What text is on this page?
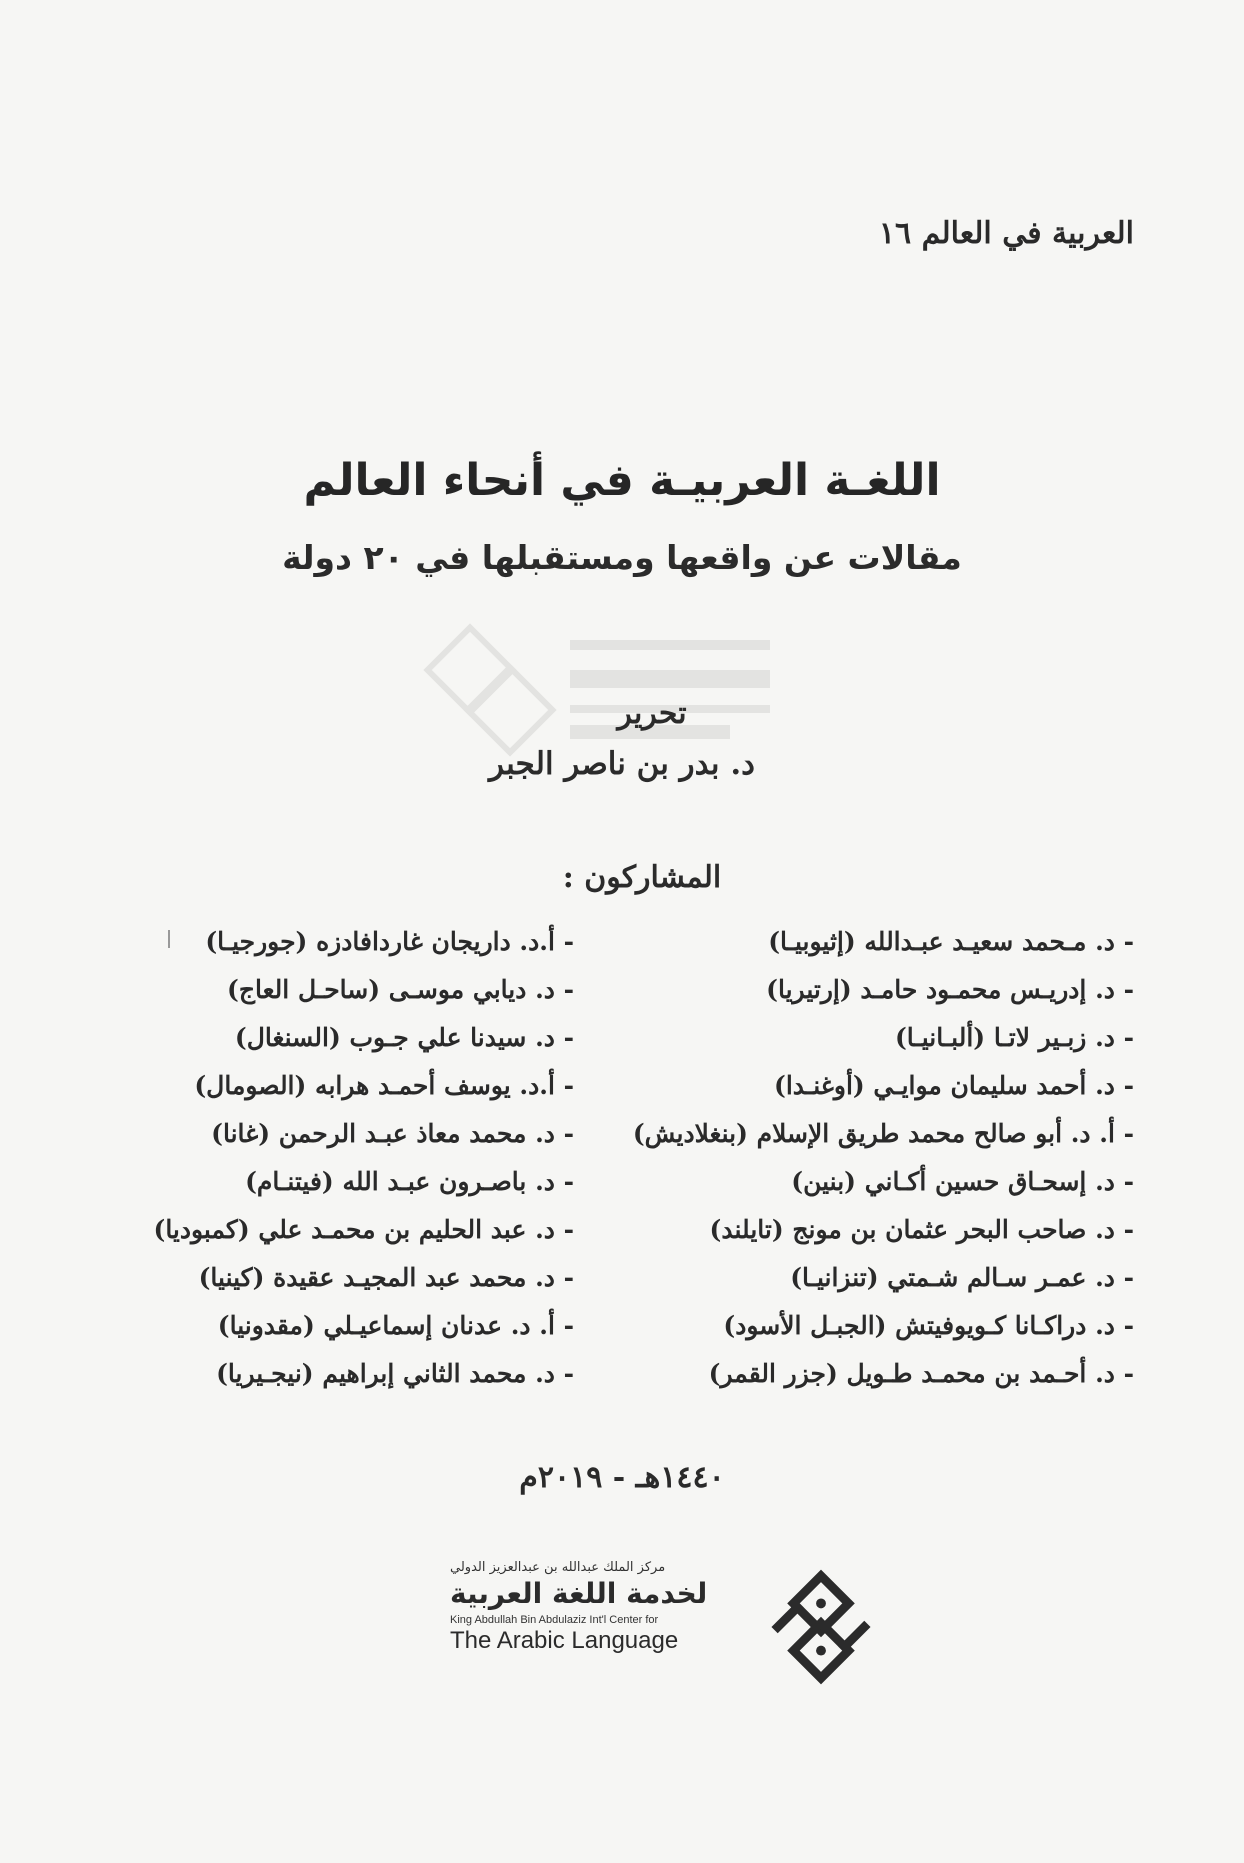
العربية في العالم ١٦
اللغـة العربيـة في أنحاء العالم
مقالات عن واقعها ومستقبلها في ٢٠ دولة
تحرير
د. بدر بن ناصر الجبر
المشاركون :
- د. مـحمد سعيـد عبـدالله (إثيوبيـا)
- د. إدريـس محمـود حامـد (إرتيريا)
- د. زبـير لاتـا (ألبـانيـا)
- د. أحمد سليمان موايـي (أوغنـدا)
- أ. د. أبو صالح محمد طريق الإسلام (بنغلاديش)
- د. إسحـاق حسين أكـاني (بنين)
- د. صاحب البحر عثمان بن مونج (تايلند)
- د. عمـر سـالم شـمتي (تنزانيـا)
- د. دراكـانا كـويوفيتش (الجبـل الأسود)
- د. أحـمد بن محمـد طـويل (جزر القمر)
- أ.د. داريجان غاردافادزه (جورجيـا)
- د. ديابي موسـى (ساحـل العاج)
- د. سيدنا علي جـوب (السنغال)
- أ.د. يوسف أحمـد هرابه (الصومال)
- د. محمد معاذ عبـد الرحمن (غانا)
- د. باصـرون عبـد الله (فيتنـام)
- د. عبد الحليم بن محمـد علي (كمبوديا)
- د. محمد عبد المجيـد عقيدة (كينيا)
- أ. د. عدنان إسماعيـلي (مقدونيا)
- د. محمد الثاني إبراهيم (نيجـيريا)
١٤٤٠هـ - ٢٠١٩م
مركز الملك عبدالله بن عبدالعزيز الدولي
لخدمة اللغة العربية
King Abdullah Bin Abdulaziz Int'l Center for
The Arabic Language
